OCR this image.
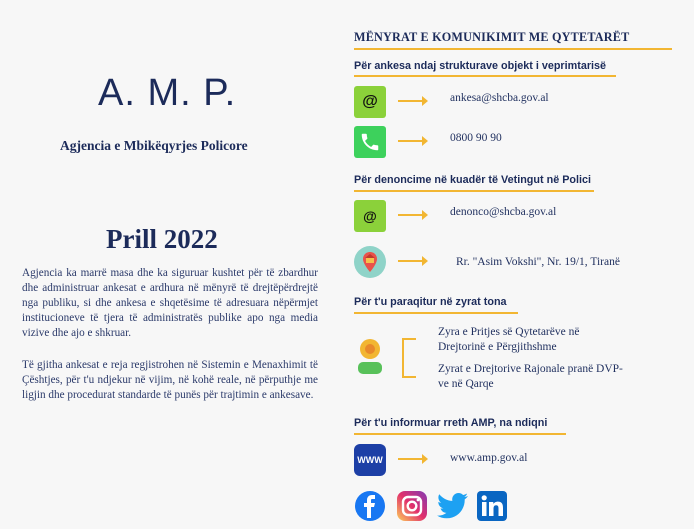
A. M. P.
Agjencia e Mbikëqyrjes Policore
Prill 2022

Agjencia ka marrë masa dhe ka siguruar kushtet për të zbardhur dhe administruar ankesat e ardhura në mënyrë të drejtëpërdrejtë nga publiku, si dhe ankesa e shqetësime të adresuara nëpërmjet institucioneve të tjera të administratës publike apo nga media vizive dhe ajo e shkruar.

Të gjitha ankesat e reja regjistrohen në Sistemin e Menaxhimit të Çështjes, për t'u ndjekur në vijim, në kohë reale, në përputhje me ligjin dhe procedurat standarde të punës për trajtimin e ankesave.

MËNYRAT E KOMUNIKIMIT ME QYTETARËT
Për ankesa ndaj strukturave objekt i veprimtarisë
@	ankesa@shcba.gov.al
0800 90 90
Për denoncime në kuadër të Vetingut në Polici
@	denonco@shcba.gov.al
Rr. "Asim Vokshi", Nr. 19/1, Tiranë
Për t'u paraqitur në zyrat tona
Zyra e Pritjes së Qytetarëve në Drejtorinë e Përgjithshme
Zyrat e Drejtorive Rajonale pranë DVP-ve në Qarqe
Për t'u informuar rreth AMP, na ndiqni
WWW	www.amp.gov.al
